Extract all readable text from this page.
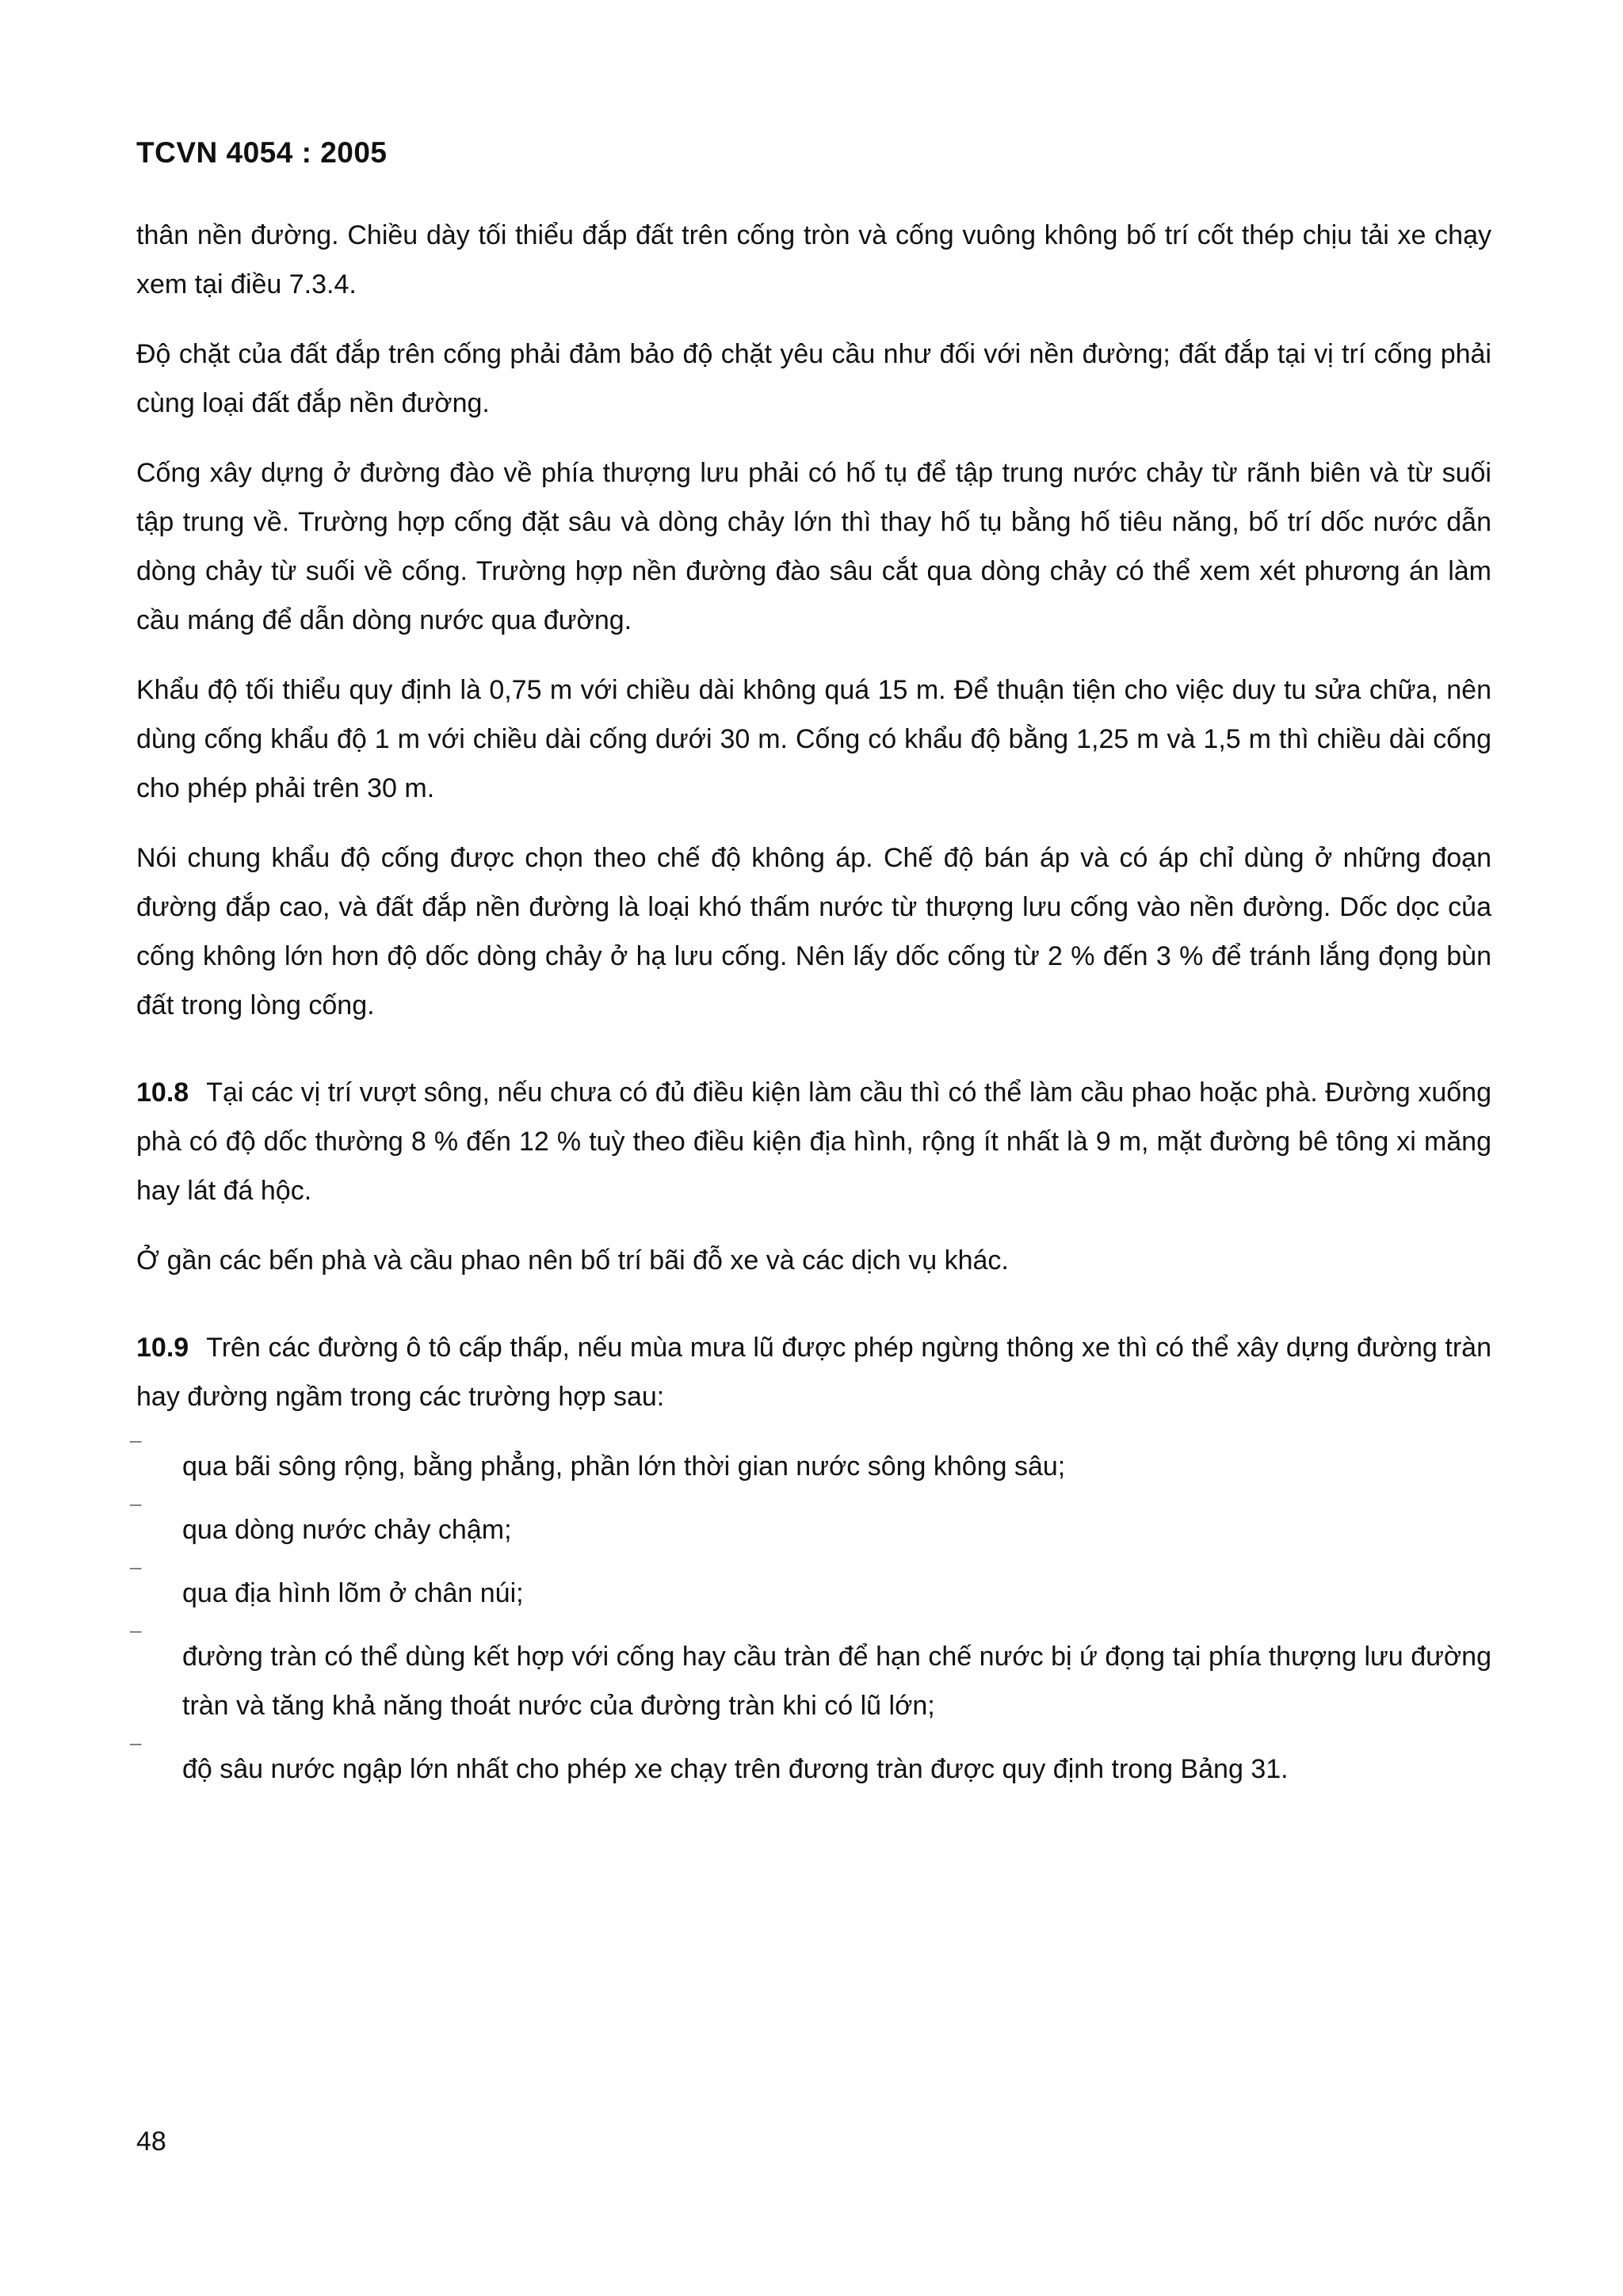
TCVN 4054 : 2005

thân nền đường. Chiều dày tối thiểu đắp đất trên cống tròn và cống vuông không bố trí cốt thép chịu tải xe chạy xem tại điều 7.3.4.

Độ chặt của đất đắp trên cống phải đảm bảo độ chặt yêu cầu như đối với nền đường; đất đắp tại vị trí cống phải cùng loại đất đắp nền đường.

Cống xây dựng ở đường đào về phía thượng lưu phải có hố tụ để tập trung nước chảy từ rãnh biên và từ suối tập trung về. Trường hợp cống đặt sâu và dòng chảy lớn thì thay hố tụ bằng hố tiêu năng, bố trí dốc nước dẫn dòng chảy từ suối về cống. Trường hợp nền đường đào sâu cắt qua dòng chảy có thể xem xét phương án làm cầu máng để dẫn dòng nước qua đường.

Khẩu độ tối thiểu quy định là 0,75 m với chiều dài không quá 15 m. Để thuận tiện cho việc duy tu sửa chữa, nên dùng cống khẩu độ 1 m với chiều dài cống dưới 30 m. Cống có khẩu độ bằng 1,25 m và 1,5 m thì chiều dài cống cho phép phải trên 30 m.

Nói chung khẩu độ cống được chọn theo chế độ không áp. Chế độ bán áp và có áp chỉ dùng ở những đoạn đường đắp cao, và đất đắp nền đường là loại khó thấm nước từ thượng lưu cống vào nền đường. Dốc dọc của cống không lớn hơn độ dốc dòng chảy ở hạ lưu cống. Nên lấy dốc cống từ 2 % đến 3 % để tránh lắng đọng bùn đất trong lòng cống.

10.8 Tại các vị trí vượt sông, nếu chưa có đủ điều kiện làm cầu thì có thể làm cầu phao hoặc phà. Đường xuống phà có độ dốc thường 8 % đến 12 % tuỳ theo điều kiện địa hình, rộng ít nhất là 9 m, mặt đường bê tông xi măng hay lát đá hộc.

Ở gần các bến phà và cầu phao nên bố trí bãi đỗ xe và các dịch vụ khác.

10.9 Trên các đường ô tô cấp thấp, nếu mùa mưa lũ được phép ngừng thông xe thì có thể xây dựng đường tràn hay đường ngầm trong các trường hợp sau:

¯
qua bãi sông rộng, bằng phẳng, phần lớn thời gian nước sông không sâu;
¯
qua dòng nước chảy chậm;
¯
qua địa hình lõm ở chân núi;
¯
đường tràn có thể dùng kết hợp với cống hay cầu tràn để hạn chế nước bị ứ đọng tại phía thượng lưu đường tràn và tăng khả năng thoát nước của đường tràn khi có lũ lớn;
¯
độ sâu nước ngập lớn nhất cho phép xe chạy trên đương tràn được quy định trong Bảng 31.
48
